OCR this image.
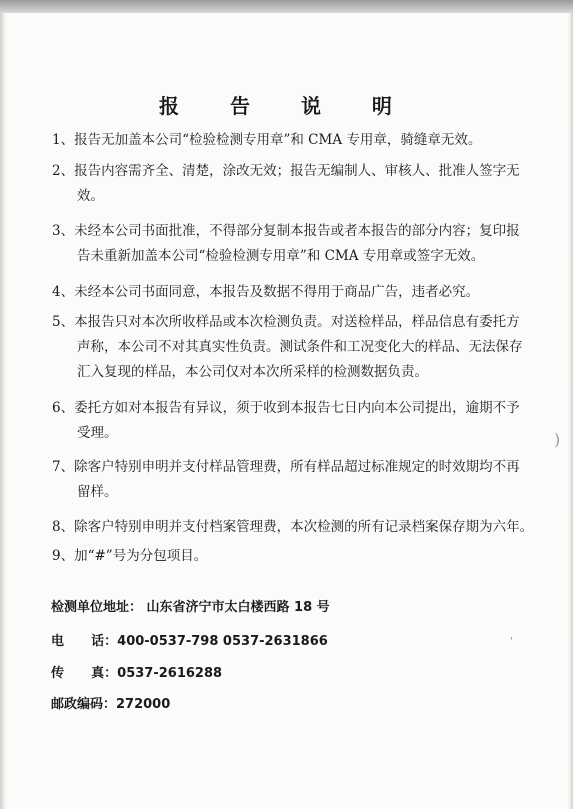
报 告 说 明
1、报告无加盖本公司“检验检测专用章”和 CMA 专用章，骑缝章无效。
2、报告内容需齐全、清楚，涂改无效；报告无编制人、审核人、批准人签字无
效。
3、未经本公司书面批准，不得部分复制本报告或者本报告的部分内容；复印报
告未重新加盖本公司“检验检测专用章”和 CMA 专用章或签字无效。
4、未经本公司书面同意，本报告及数据不得用于商品广告，违者必究。
5、本报告只对本次所收样品或本次检测负责。对送检样品，样品信息有委托方
声称，本公司不对其真实性负责。测试条件和工况变化大的样品、无法保存
汇入复现的样品，本公司仅对本次所采样的检测数据负责。
6、委托方如对本报告有异议，须于收到本报告七日内向本公司提出，逾期不予
受理。
7、除客户特别申明并支付样品管理费，所有样品超过标准规定的时效期均不再
留样。
8、除客户特别申明并支付档案管理费，本次检测的所有记录档案保存期为六年。
9、加“#”号为分包项目。
检测单位地址： 山东省济宁市太白楼西路 18 号
电      话：400-0537-798 0537-2631866
传      真：0537-2616288
邮政编码：272000
ˈ
)
